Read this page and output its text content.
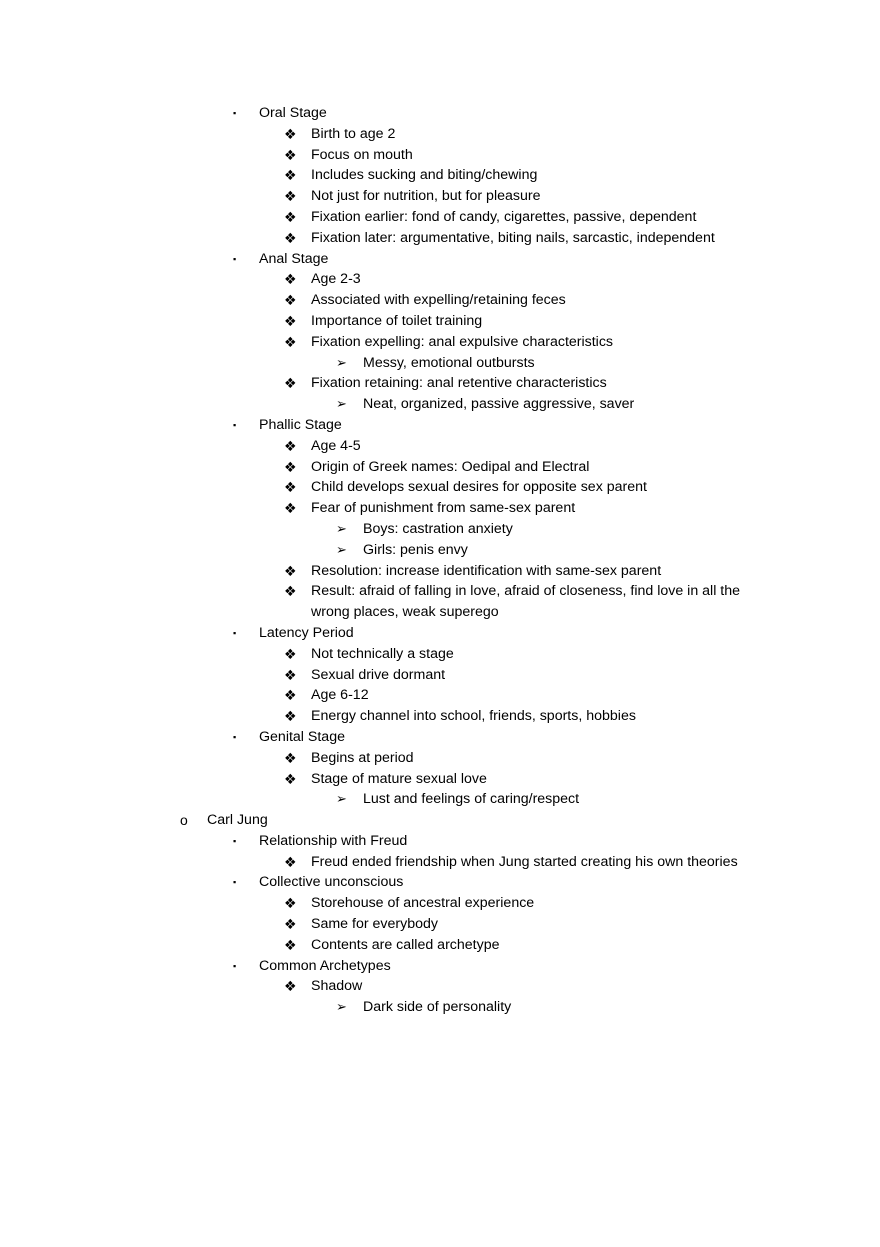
▪ Oral Stage
❖ Birth to age 2
❖ Focus on mouth
❖ Includes sucking and biting/chewing
❖ Not just for nutrition, but for pleasure
❖ Fixation earlier: fond of candy, cigarettes, passive, dependent
❖ Fixation later: argumentative, biting nails, sarcastic, independent
▪ Anal Stage
❖ Age 2-3
❖ Associated with expelling/retaining feces
❖ Importance of toilet training
❖ Fixation expelling: anal expulsive characteristics
➢ Messy, emotional outbursts
❖ Fixation retaining: anal retentive characteristics
➢ Neat, organized, passive aggressive, saver
▪ Phallic Stage
❖ Age 4-5
❖ Origin of Greek names: Oedipal and Electral
❖ Child develops sexual desires for opposite sex parent
❖ Fear of punishment from same-sex parent
➢ Boys: castration anxiety
➢ Girls: penis envy
❖ Resolution: increase identification with same-sex parent
❖ Result: afraid of falling in love, afraid of closeness, find love in all the
wrong places, weak superego
▪ Latency Period
❖ Not technically a stage
❖ Sexual drive dormant
❖ Age 6-12
❖ Energy channel into school, friends, sports, hobbies
▪ Genital Stage
❖ Begins at period
❖ Stage of mature sexual love
➢ Lust and feelings of caring/respect
o Carl Jung
▪ Relationship with Freud
❖ Freud ended friendship when Jung started creating his own theories
▪ Collective unconscious
❖ Storehouse of ancestral experience
❖ Same for everybody
❖ Contents are called archetype
▪ Common Archetypes
❖ Shadow
➢ Dark side of personality
